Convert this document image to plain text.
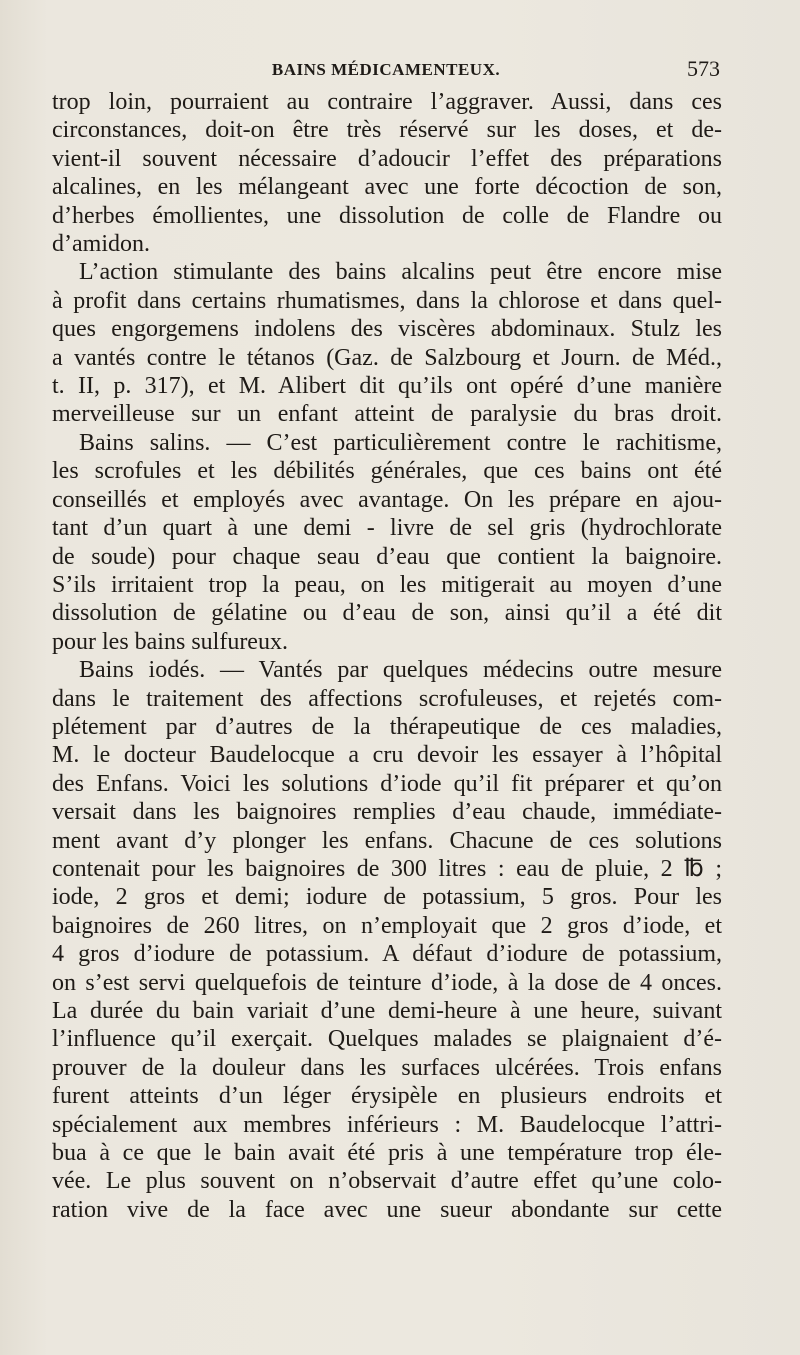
BAINS MÉDICAMENTEUX.	573
trop loin, pourraient au contraire l’aggraver. Aussi, dans ces
circonstances, doit-on être très réservé sur les doses, et de-
vient-il souvent nécessaire d’adoucir l’effet des préparations
alcalines, en les mélangeant avec une forte décoction de son,
d’herbes émollientes, une dissolution de colle de Flandre ou
d’amidon.
L’action stimulante des bains alcalins peut être encore mise
à profit dans certains rhumatismes, dans la chlorose et dans quel-
ques engorgemens indolens des viscères abdominaux. Stulz les
a vantés contre le tétanos (Gaz. de Salzbourg et Journ. de Méd.,
t. II, p. 317), et M. Alibert dit qu’ils ont opéré d’une manière
merveilleuse sur un enfant atteint de paralysie du bras droit.
Bains salins. — C’est particulièrement contre le rachitisme,
les scrofules et les débilités générales, que ces bains ont été
conseillés et employés avec avantage. On les prépare en ajou-
tant d’un quart à une demi - livre de sel gris (hydrochlorate
de soude) pour chaque seau d’eau que contient la baignoire.
S’ils irritaient trop la peau, on les mitigerait au moyen d’une
dissolution de gélatine ou d’eau de son, ainsi qu’il a été dit
pour les bains sulfureux.
Bains iodés. — Vantés par quelques médecins outre mesure
dans le traitement des affections scrofuleuses, et rejetés com-
plétement par d’autres de la thérapeutique de ces maladies,
M. le docteur Baudelocque a cru devoir les essayer à l’hôpital
des Enfans. Voici les solutions d’iode qu’il fit préparer et qu’on
versait dans les baignoires remplies d’eau chaude, immédiate-
ment avant d’y plonger les enfans. Chacune de ces solutions
contenait pour les baignoires de 300 litres : eau de pluie, 2 ℔ ;
iode, 2 gros et demi; iodure de potassium, 5 gros. Pour les
baignoires de 260 litres, on n’employait que 2 gros d’iode, et
4 gros d’iodure de potassium. A défaut d’iodure de potassium,
on s’est servi quelquefois de teinture d’iode, à la dose de 4 onces.
La durée du bain variait d’une demi-heure à une heure, suivant
l’influence qu’il exerçait. Quelques malades se plaignaient d’é-
prouver de la douleur dans les surfaces ulcérées. Trois enfans
furent atteints d’un léger érysipèle en plusieurs endroits et
spécialement aux membres inférieurs : M. Baudelocque l’attri-
bua à ce que le bain avait été pris à une température trop éle-
vée. Le plus souvent on n’observait d’autre effet qu’une colo-
ration vive de la face avec une sueur abondante sur cette
